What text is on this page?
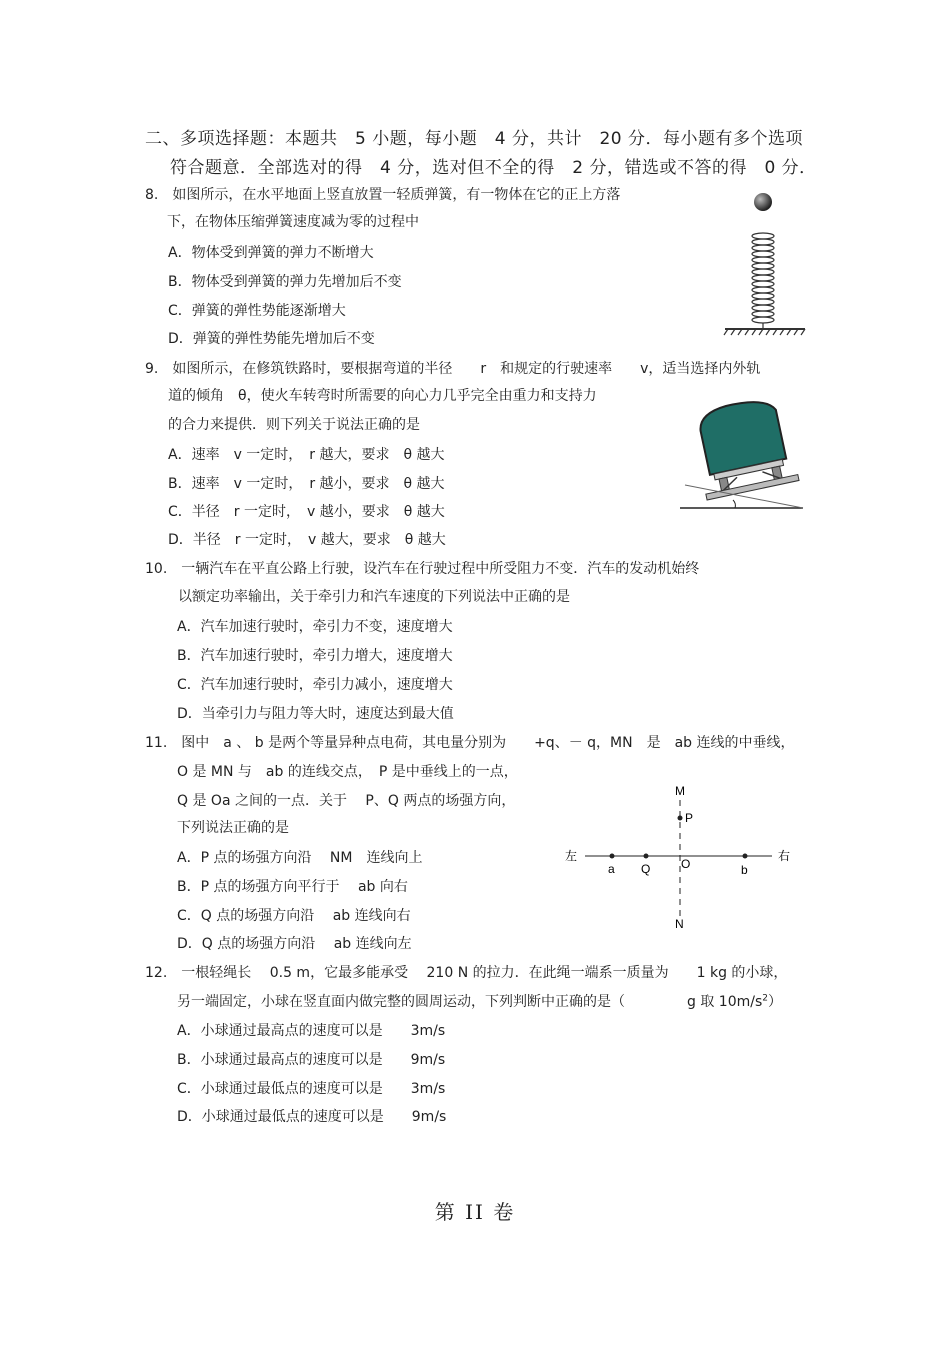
二、多项选择题：本题共　5 小题，每小题　4 分，共计　20 分．每小题有多个选项
符合题意．全部选对的得　4 分，选对但不全的得　2 分，错选或不答的得　0 分．
8.　如图所示，在水平地面上竖直放置一轻质弹簧，有一物体在它的正上方落
下，在物体压缩弹簧速度减为零的过程中
A．物体受到弹簧的弹力不断增大
B．物体受到弹簧的弹力先增加后不变
C．弹簧的弹性势能逐渐增大
D．弹簧的弹性势能先增加后不变
9.　如图所示，在修筑铁路时，要根据弯道的半径　　r　和规定的行驶速率　　v，适当选择内外轨
道的倾角　θ，使火车转弯时所需要的向心力几乎完全由重力和支持力
的合力来提供．则下列关于说法正确的是
A．速率　v 一定时，　r 越大，要求　θ 越大
B．速率　v 一定时，　r 越小，要求　θ 越大
C．半径　r 一定时，　v 越小，要求　θ 越大
D．半径　r 一定时，　v 越大，要求　θ 越大
10.　一辆汽车在平直公路上行驶，设汽车在行驶过程中所受阻力不变．汽车的发动机始终
以额定功率输出，关于牵引力和汽车速度的下列说法中正确的是
A．汽车加速行驶时，牵引力不变，速度增大
B．汽车加速行驶时，牵引力增大，速度增大
C．汽车加速行驶时，牵引力减小，速度增大
D．当牵引力与阻力等大时，速度达到最大值
11.　图中　a 、 b 是两个等量异种点电荷，其电量分别为　　+q、－ q，MN　是　ab 连线的中垂线，
O 是 MN 与　ab 的连线交点，　P 是中垂线上的一点，
Q 是 Oa 之间的一点．关于　 P、Q 两点的场强方向，
下列说法正确的是
A．P 点的场强方向沿　 NM　连线向上
B．P 点的场强方向平行于　 ab 向右
C．Q 点的场强方向沿　 ab 连线向右
D．Q 点的场强方向沿　 ab 连线向左
M
P
N
O
a Q	b
左	右
12.　一根轻绳长　 0.5 m，它最多能承受　 210 N 的拉力．在此绳一端系一质量为　　1 kg 的小球，
另一端固定，小球在竖直面内做完整的圆周运动，下列判断中正确的是（	g 取 $10m/s^2$）
A．小球通过最高点的速度可以是　　3m/s
B．小球通过最高点的速度可以是　　9m/s
C．小球通过最低点的速度可以是　　3m/s
D．小球通过最低点的速度可以是　　9m/s
第 II 卷
